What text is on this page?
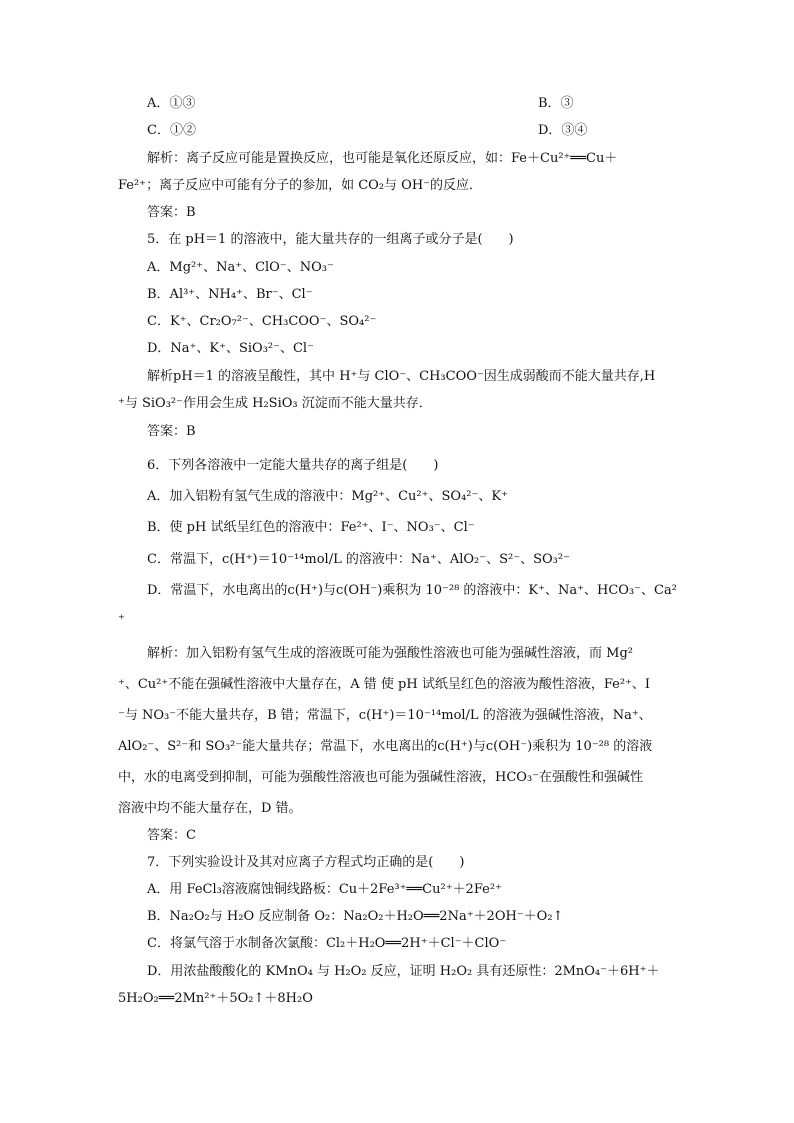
A．①③	B．③
C．①②	D．③④
解析：离子反应可能是置换反应，也可能是氧化还原反应，如：Fe＋Cu²⁺══Cu＋
Fe²⁺；离子反应中可能有分子的参加，如 CO₂与 OH⁻的反应．
答案：B
5．在 pH＝1 的溶液中，能大量共存的一组离子或分子是(　　)
A．Mg²⁺、Na⁺、ClO⁻、NO₃⁻
B．Al³⁺、NH₄⁺、Br⁻、Cl⁻
C．K⁺、Cr₂O₇²⁻、CH₃COO⁻、SO₄²⁻
D．Na⁺、K⁺、SiO₃²⁻、Cl⁻
解析pH＝1 的溶液呈酸性，其中 H⁺与 ClO⁻、CH₃COO⁻因生成弱酸而不能大量共存,H
⁺与 SiO₃²⁻作用会生成 H₂SiO₃ 沉淀而不能大量共存．
答案：B
6．下列各溶液中一定能大量共存的离子组是(　　)
A．加入铝粉有氢气生成的溶液中：Mg²⁺、Cu²⁺、SO₄²⁻、K⁺
B．使 pH 试纸呈红色的溶液中：Fe²⁺、I⁻、NO₃⁻、Cl⁻
C．常温下，c(H⁺)＝10⁻¹⁴mol/L 的溶液中：Na⁺、AlO₂⁻、S²⁻、SO₃²⁻
D．常温下，水电离出的c(H⁺)与c(OH⁻)乘积为 10⁻²⁸ 的溶液中：K⁺、Na⁺、HCO₃⁻、Ca²
⁺
解析：加入铝粉有氢气生成的溶液既可能为强酸性溶液也可能为强碱性溶液，而 Mg²
⁺、Cu²⁺不能在强碱性溶液中大量存在，A 错 使 pH 试纸呈红色的溶液为酸性溶液，Fe²⁺、I
⁻与 NO₃⁻不能大量共存，B 错；常温下，c(H⁺)＝10⁻¹⁴mol/L 的溶液为强碱性溶液，Na⁺、
AlO₂⁻、S²⁻和 SO₃²⁻能大量共存；常温下，水电离出的c(H⁺)与c(OH⁻)乘积为 10⁻²⁸ 的溶液
中，水的电离受到抑制，可能为强酸性溶液也可能为强碱性溶液，HCO₃⁻在强酸性和强碱性
溶液中均不能大量存在，D 错。
答案：C
7．下列实验设计及其对应离子方程式均正确的是(　　)
A．用 FeCl₃溶液腐蚀铜线路板：Cu＋2Fe³⁺══Cu²⁺＋2Fe²⁺
B．Na₂O₂与 H₂O 反应制备 O₂：Na₂O₂＋H₂O══2Na⁺＋2OH⁻＋O₂↑
C．将氯气溶于水制备次氯酸：Cl₂＋H₂O══2H⁺＋Cl⁻＋ClO⁻
D．用浓盐酸酸化的 KMnO₄ 与 H₂O₂ 反应，证明 H₂O₂ 具有还原性：2MnO₄⁻＋6H⁺＋
5H₂O₂══2Mn²⁺＋5O₂↑＋8H₂O
